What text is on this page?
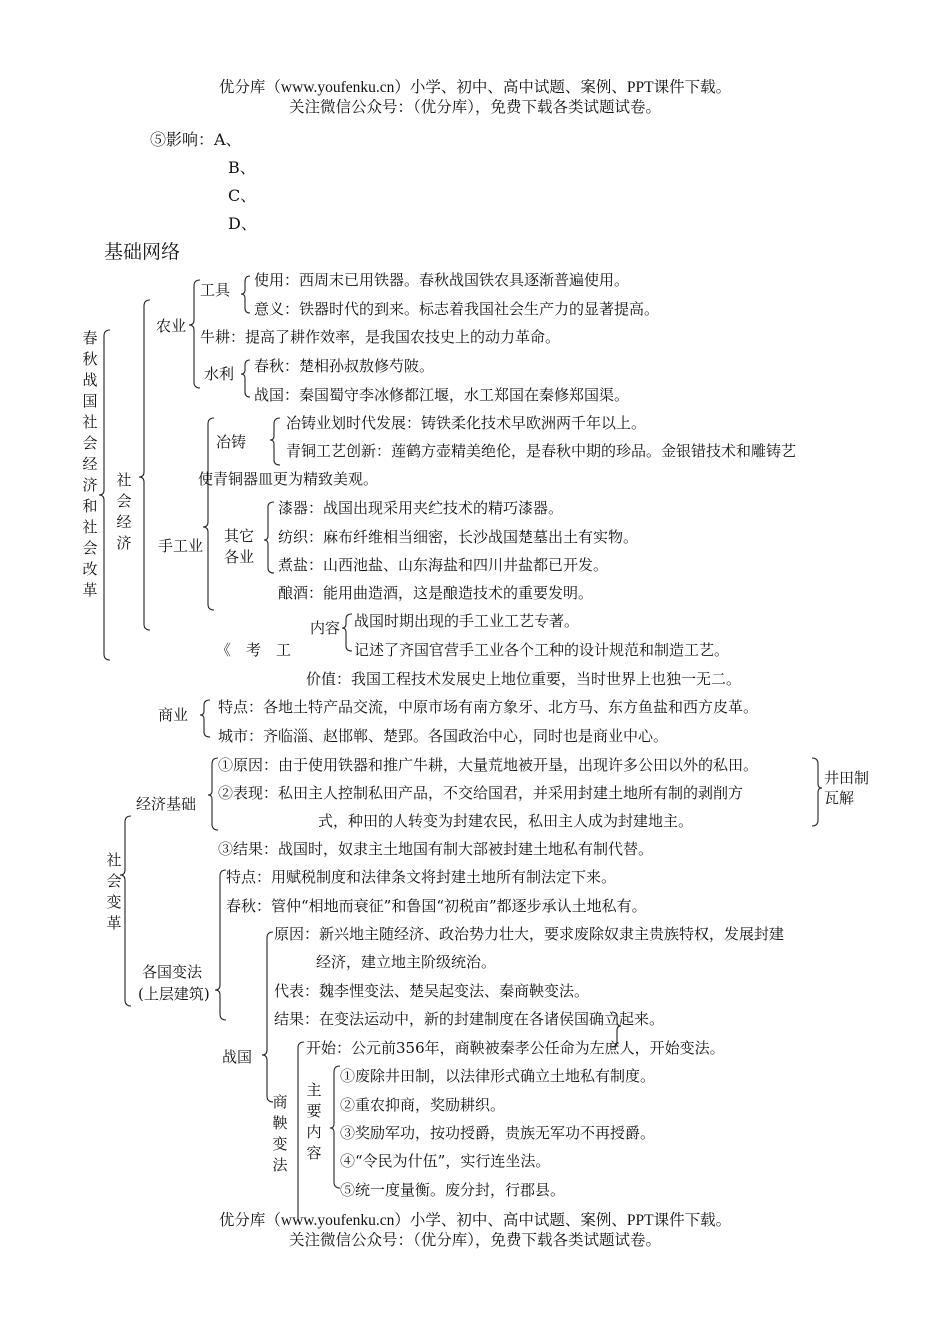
优分库（www.youfenku.cn）小学、初中、高中试题、案例、PPT课件下载。
关注微信公众号：（优分库），免费下载各类试题试卷。
⑤影响：A、
B、
C、
D、
基础网络
春秋战国社会经济和社会改革
社会经济
农业
工具
使用：西周末已用铁器。春秋战国铁农具逐渐普遍使用。
意义：铁器时代的到来。标志着我国社会生产力的显著提高。
牛耕：提高了耕作效率，是我国农技史上的动力革命。
水利 春秋：楚相孙叔敖修芍陂。
战国：秦国蜀守李冰修都江堰，水工郑国在秦修郑国渠。
手工业
冶铸
冶铸业划时代发展：铸铁柔化技术早欧洲两千年以上。
青铜工艺创新：莲鹤方壶精美绝伦，是春秋中期的珍品。金银错技术和雕铸艺
使青铜器皿更为精致美观。
其它各业
漆器：战国出现采用夹纻技术的精巧漆器。
纺织：麻布纤维相当细密，长沙战国楚墓出土有实物。
煮盐：山西池盐、山东海盐和四川井盐都已开发。
酿酒：能用曲造酒，这是酿造技术的重要发明。
《　考　工
内容 战国时期出现的手工业工艺专著。
记述了齐国官营手工业各个工种的设计规范和制造工艺。
价值：我国工程技术发展史上地位重要，当时世界上也独一无二。
商业 特点：各地土特产品交流，中原市场有南方象牙、北方马、东方鱼盐和西方皮革。
城市：齐临淄、赵邯郸、楚郢。各国政治中心，同时也是商业中心。
社会变革
经济基础
①原因：由于使用铁器和推广牛耕，大量荒地被开垦，出现许多公田以外的私田。
②表现：私田主人控制私田产品，不交给国君，并采用封建土地所有制的剥削方
式，种田的人转变为封建农民，私田主人成为封建地主。
③结果：战国时，奴隶主土地国有制大部被封建土地私有制代替。
井田制瓦解
各国变法
(上层建筑)
特点：用赋税制度和法律条文将封建土地所有制法定下来。
春秋：管仲“相地而衰征”和鲁国“初税亩”都逐步承认土地私有。
战国
原因：新兴地主随经济、政治势力壮大，要求废除奴隶主贵族特权，发展封建
经济，建立地主阶级统治。
代表：魏李悝变法、楚吴起变法、秦商鞅变法。
结果：在变法运动中，新的封建制度在各诸侯国确立起来。
商鞅变法
开始：公元前356年，商鞅被秦孝公任命为左庶人，开始变法。
主要内容
①废除井田制，以法律形式确立土地私有制度。
②重农抑商，奖励耕织。
③奖励军功，按功授爵，贵族无军功不再授爵。
④“令民为什伍”，实行连坐法。
⑤统一度量衡。废分封，行郡县。
优分库（www.youfenku.cn）小学、初中、高中试题、案例、PPT课件下载。
关注微信公众号：（优分库），免费下载各类试题试卷。
